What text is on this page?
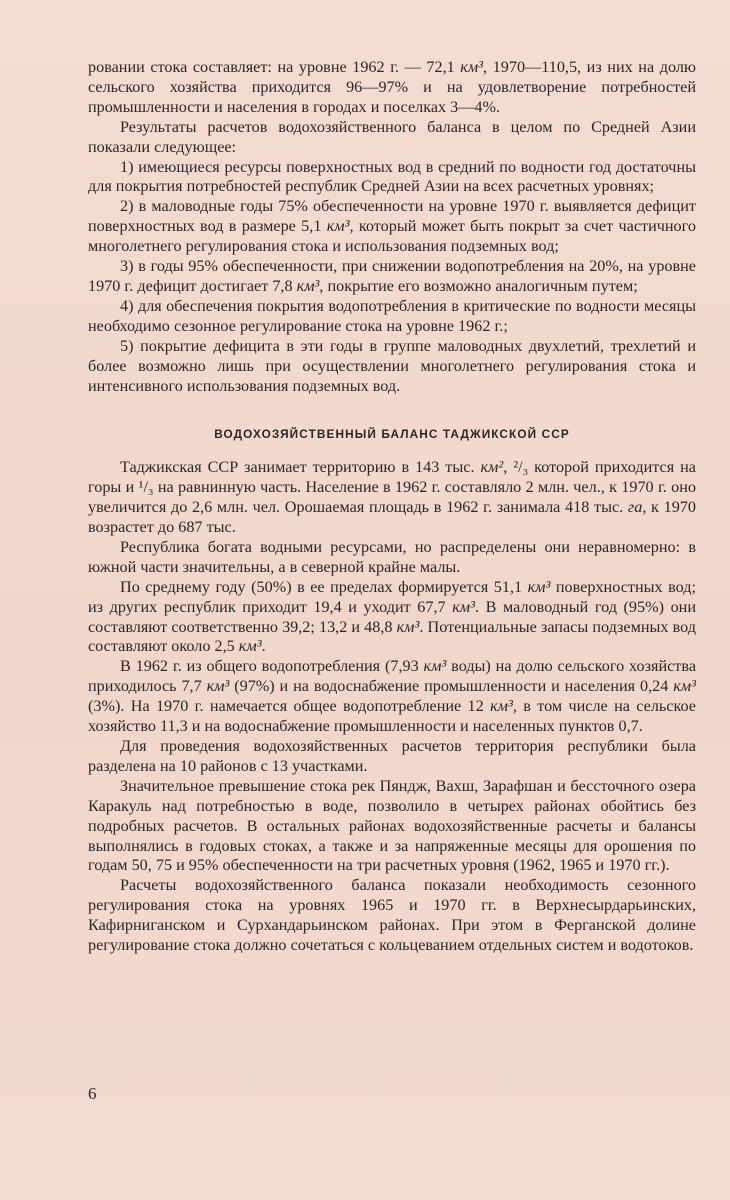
ровании стока составляет: на уровне 1962 г. — 72,1 км³, 1970—110,5, из них на долю сельского хозяйства приходится 96—97% и на удовлетворение потребностей промышленности и населения в городах и поселках 3—4%.

Результаты расчетов водохозяйственного баланса в целом по Средней Азии показали следующее:

1) имеющиеся ресурсы поверхностных вод в средний по водности год достаточны для покрытия потребностей республик Средней Азии на всех расчетных уровнях;

2) в маловодные годы 75% обеспеченности на уровне 1970 г. выявляется дефицит поверхностных вод в размере 5,1 км³, который может быть покрыт за счет частичного многолетнего регулирования стока и использования подземных вод;

3) в годы 95% обеспеченности, при снижении водопотребления на 20%, на уровне 1970 г. дефицит достигает 7,8 км³, покрытие его возможно аналогичным путем;

4) для обеспечения покрытия водопотребления в критические по водности месяцы необходимо сезонное регулирование стока на уровне 1962 г.;

5) покрытие дефицита в эти годы в группе маловодных двухлетий, трехлетий и более возможно лишь при осуществлении многолетнего регулирования стока и интенсивного использования подземных вод.

ВОДОХОЗЯЙСТВЕННЫЙ БАЛАНС ТАДЖИКСКОЙ ССР

Таджикская ССР занимает территорию в 143 тыс. км², ²/₃ которой приходится на горы и ¹/₃ на равнинную часть. Население в 1962 г. составляло 2 млн. чел., к 1970 г. оно увеличится до 2,6 млн. чел. Орошаемая площадь в 1962 г. занимала 418 тыс. га, к 1970 возрастет до 687 тыс.

Республика богата водными ресурсами, но распределены они неравномерно: в южной части значительны, а в северной крайне малы.

По среднему году (50%) в ее пределах формируется 51,1 км³ поверхностных вод; из других республик приходит 19,4 и уходит 67,7 км³. В маловодный год (95%) они составляют соответственно 39,2; 13,2 и 48,8 км³. Потенциальные запасы подземных вод составляют около 2,5 км³.

В 1962 г. из общего водопотребления (7,93 км³ воды) на долю сельского хозяйства приходилось 7,7 км³ (97%) и на водоснабжение промышленности и населения 0,24 км³ (3%). На 1970 г. намечается общее водопотребление 12 км³, в том числе на сельское хозяйство 11,3 и на водоснабжение промышленности и населенных пунктов 0,7.

Для проведения водохозяйственных расчетов территория республики была разделена на 10 районов с 13 участками.

Значительное превышение стока рек Пяндж, Вахш, Зарафшан и бессточного озера Каракуль над потребностью в воде, позволило в четырех районах обойтись без подробных расчетов. В остальных районах водохозяйственные расчеты и балансы выполнялись в годовых стоках, а также и за напряженные месяцы для орошения по годам 50, 75 и 95% обеспеченности на три расчетных уровня (1962, 1965 и 1970 гг.).

Расчеты водохозяйственного баланса показали необходимость сезонного регулирования стока на уровнях 1965 и 1970 гг. в Верхнесырдарьинских, Кафирниганском и Сурхандарьинском районах. При этом в Ферганской долине регулирование стока должно сочетаться с кольцеванием отдельных систем и водотоков.

6
